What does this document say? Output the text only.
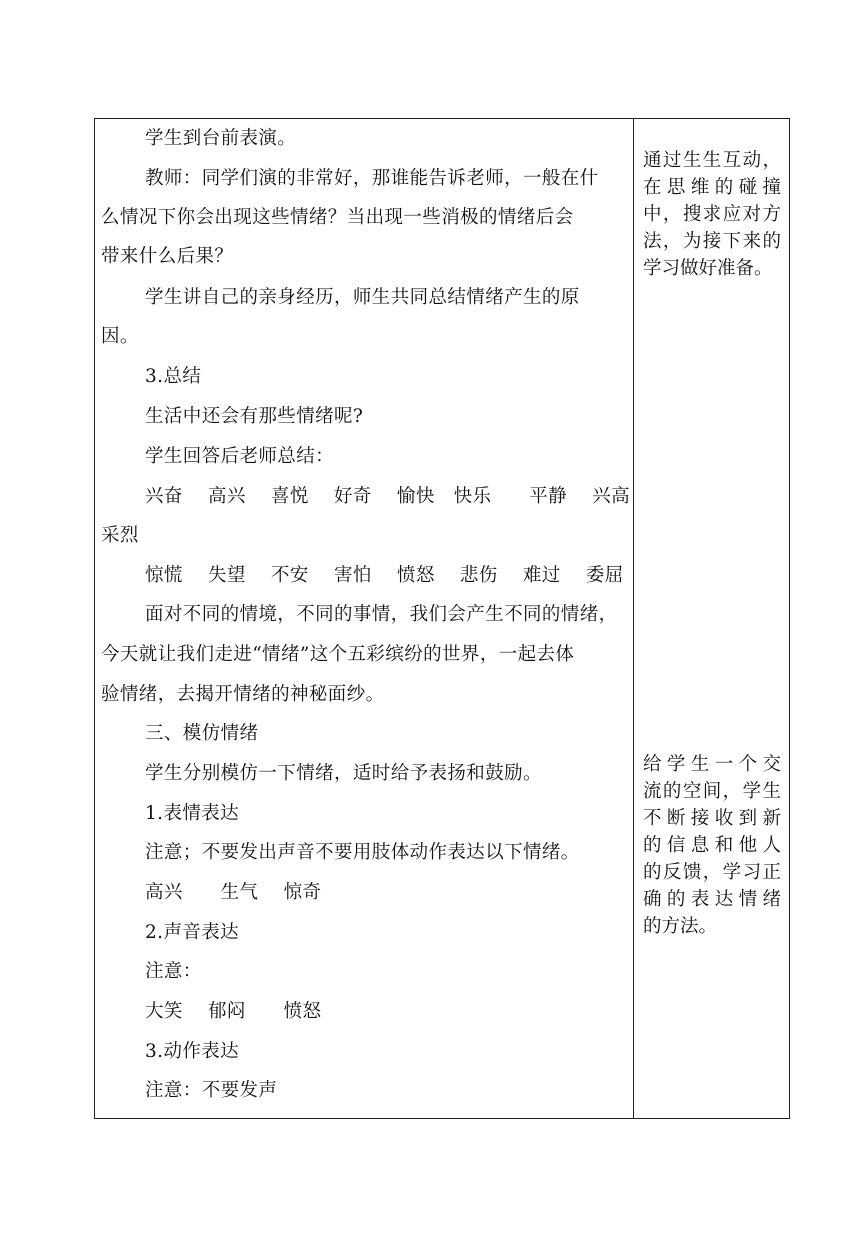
学生到台前表演。
教师：同学们演的非常好，那谁能告诉老师，一般在什
么情况下你会出现这些情绪？当出现一些消极的情绪后会
带来什么后果？
学生讲自己的亲身经历，师生共同总结情绪产生的原
因。
3.总结
生活中还会有那些情绪呢?
学生回答后老师总结：
兴奋　 高兴 　喜悦　 好奇　 愉快　快乐　　平静　 兴高
采烈
惊慌　 失望　 不安　 害怕　 愤怒　 悲伤　 难过　 委屈
面对不同的情境，不同的事情，我们会产生不同的情绪，
今天就让我们走进“情绪”这个五彩缤纷的世界，一起去体
验情绪，去揭开情绪的神秘面纱。
三、模仿情绪
学生分别模仿一下情绪，适时给予表扬和鼓励。
1.表情表达
注意；不要发出声音不要用肢体动作表达以下情绪。
高兴　　生气　 惊奇
2.声音表达
注意：
大笑　 郁闷　　愤怒
3.动作表达
注意：不要发声
通过生生互动，
在思维的碰撞
中，搜求应对方
法，为接下来的
学习做好准备。
给学生一个交
流的空间，学生
不断接收到新
的信息和他人
的反馈，学习正
确的表达情绪
的方法。
